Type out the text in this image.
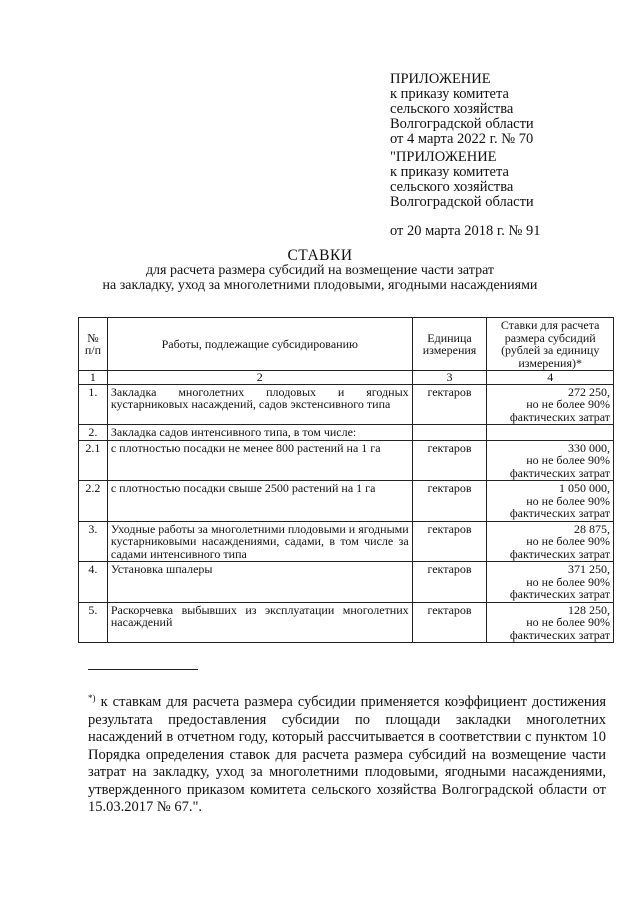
ПРИЛОЖЕНИЕ
к приказу комитета
сельского хозяйства
Волгоградской области
от 4 марта 2022 г. № 70
"ПРИЛОЖЕНИЕ
к приказу комитета
сельского хозяйства
Волгоградской области
от 20 марта 2018 г. № 91
СТАВКИ
для расчета размера субсидий на возмещение части затрат
на закладку, уход за многолетними плодовыми, ягодными насаждениями
№ п/п	Работы, подлежащие субсидированию	Единица измерения	Ставки для расчета размера субсидий (рублей за единицу измерения)*
1	2	3	4
1.	Закладка многолетних плодовых и ягодных кустарниковых насаждений, садов экстенсивного типа	гектаров	272 250,
но не более 90%
фактических затрат

2.	Закладка садов интенсивного типа, в том числе:		

2.1	с плотностью посадки не менее 800 растений на 1 га	гектаров	330 000,
но не более 90%
фактических затрат

2.2	с плотностью посадки свыше 2500 растений на 1 га	гектаров	1 050 000,
но не более 90%
фактических затрат

3.	Уходные работы за многолетними плодовыми и ягодными кустарниковыми насаждениями, садами, в том числе за садами интенсивного типа	гектаров	28 875,
но не более 90%
фактических затрат

4.	Установка шпалеры	гектаров	371 250,
но не более 90%
фактических затрат

5.	Раскорчевка выбывших из эксплуатации многолетних насаждений	гектаров	128 250,
но не более 90%
фактических затрат
*) к ставкам для расчета размера субсидии применяется коэффициент достижения результата предоставления субсидии по площади закладки многолетних насаждений в отчетном году, который рассчитывается в соответствии с пунктом 10 Порядка определения ставок для расчета размера субсидий на возмещение части затрат на закладку, уход за многолетними плодовыми, ягодными насаждениями, утвержденного приказом комитета сельского хозяйства Волгоградской области от 15.03.2017 № 67.".
